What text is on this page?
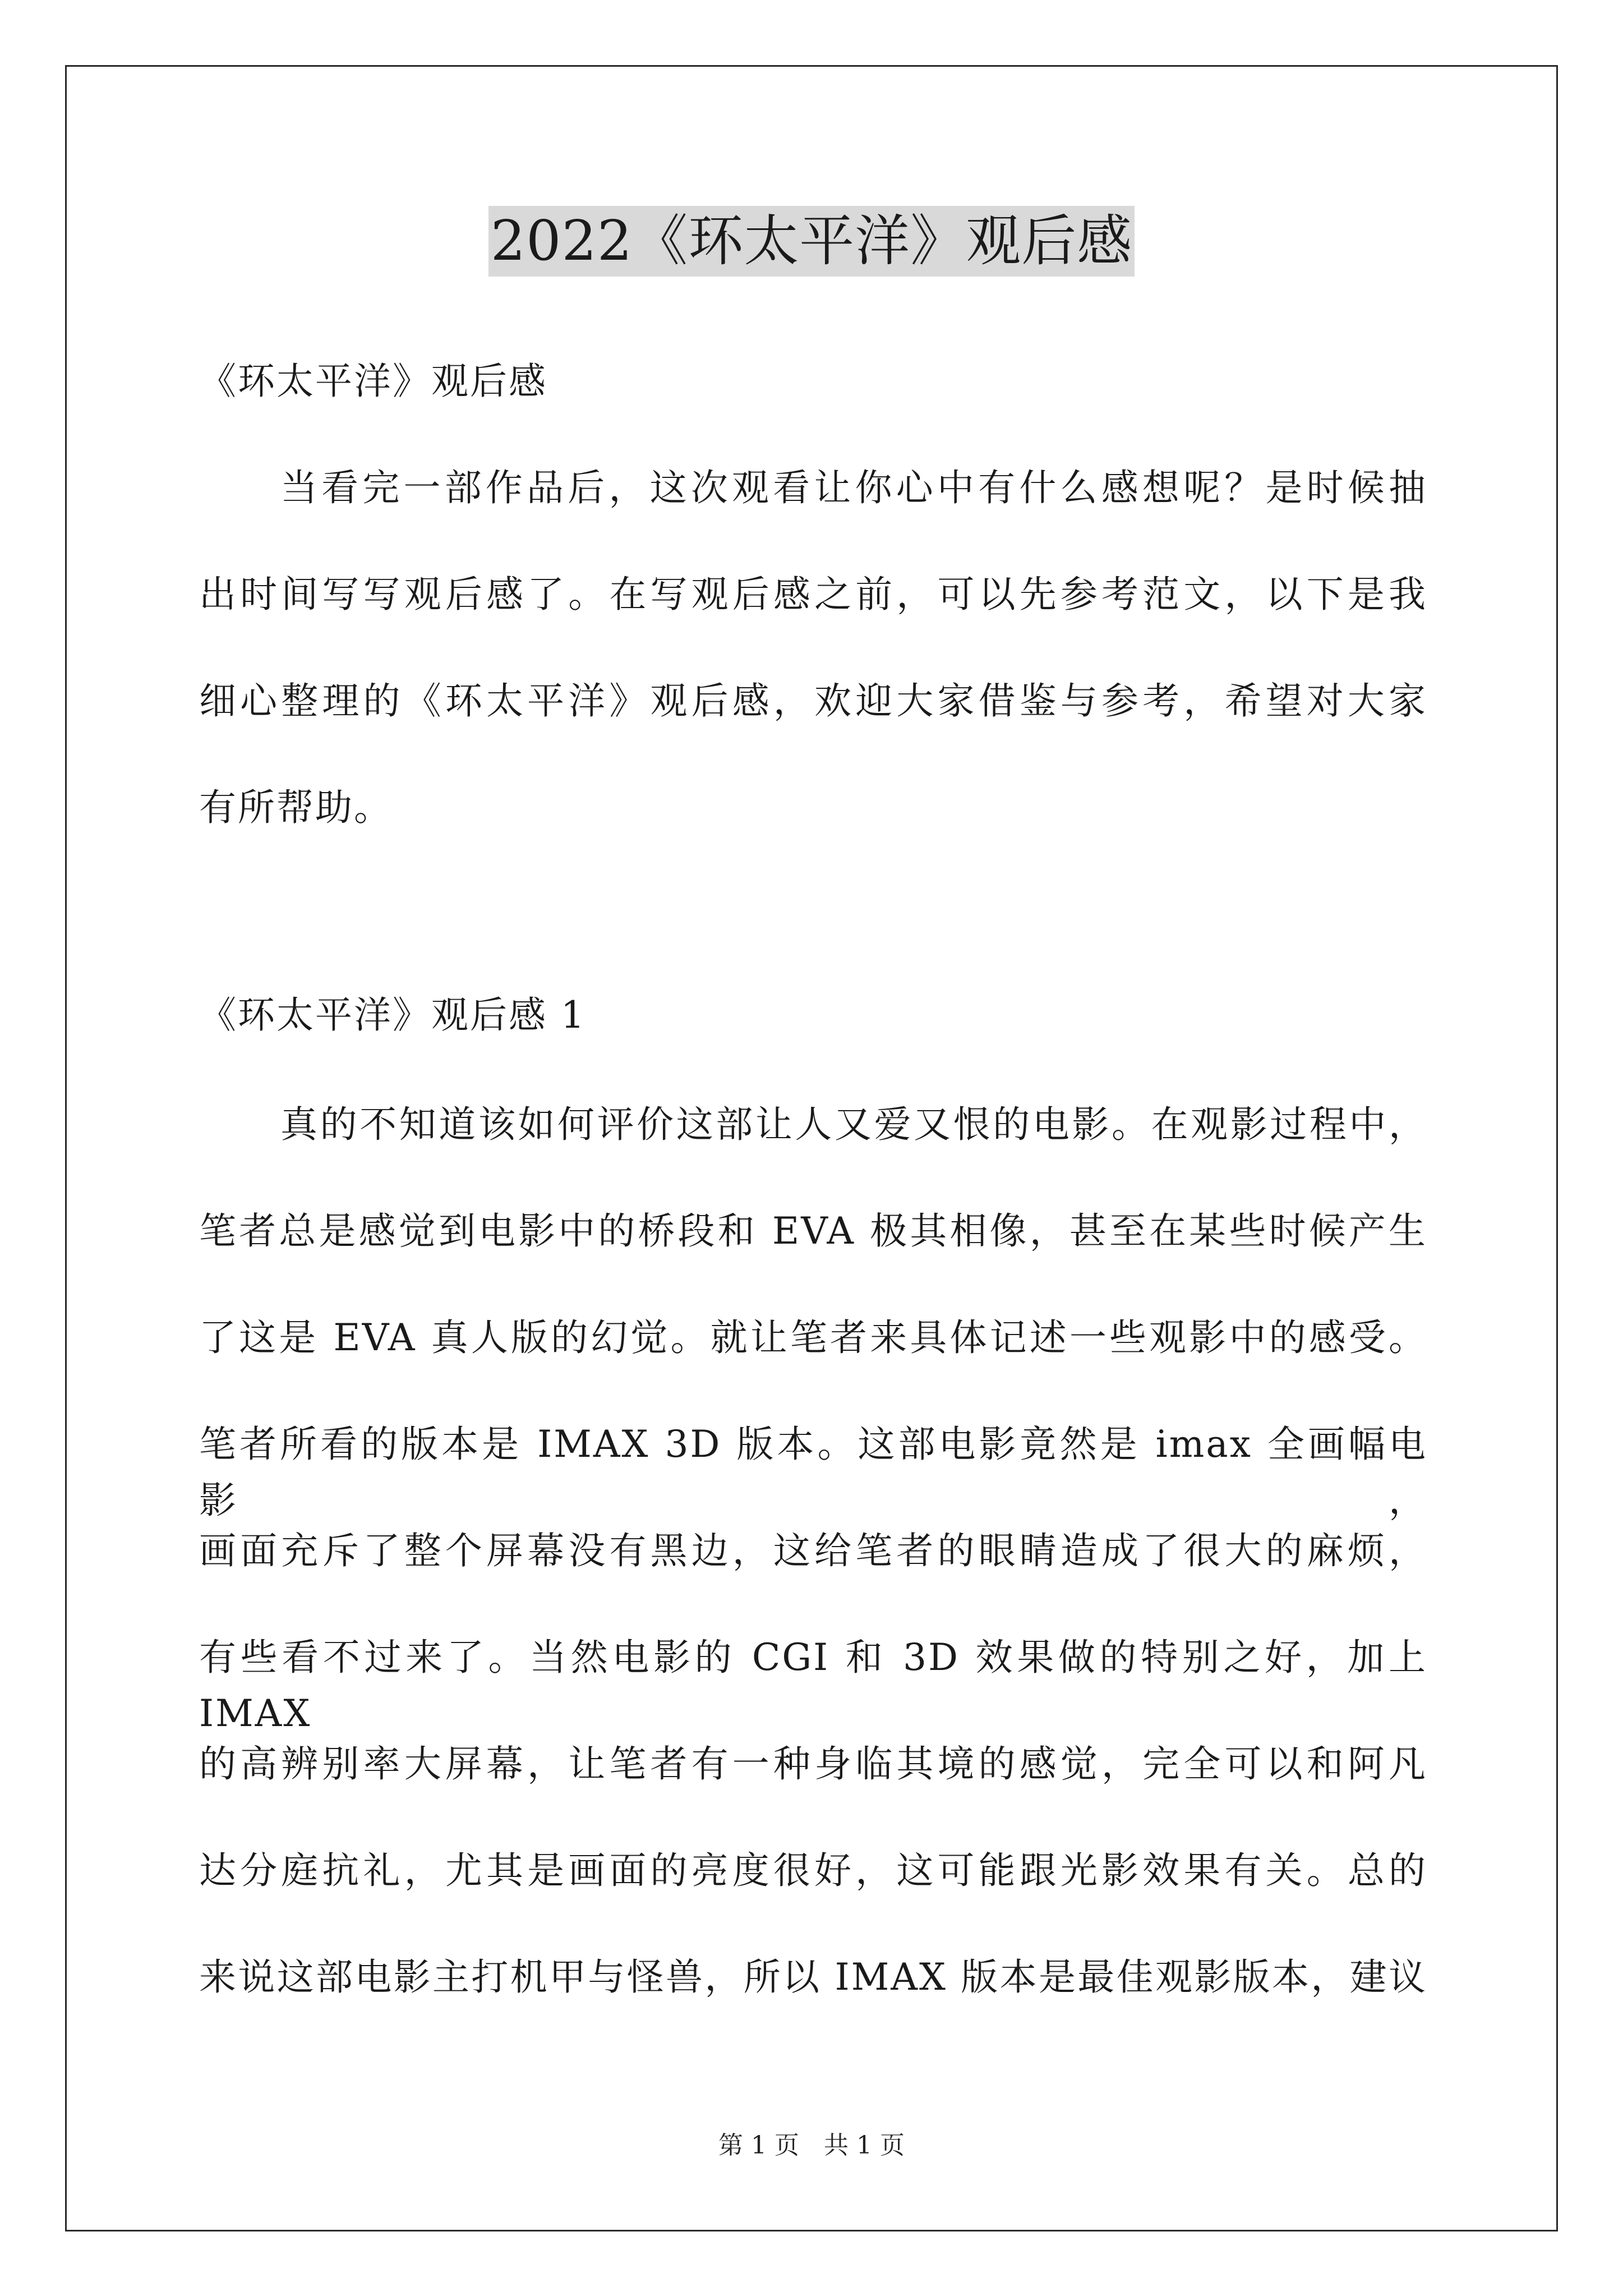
2022《环太平洋》观后感
《环太平洋》观后感
当看完一部作品后，这次观看让你心中有什么感想呢？是时候抽
出时间写写观后感了。在写观后感之前，可以先参考范文，以下是我
细心整理的《环太平洋》观后感，欢迎大家借鉴与参考，希望对大家
有所帮助。
《环太平洋》观后感 1
真的不知道该如何评价这部让人又爱又恨的电影。在观影过程中，
笔者总是感觉到电影中的桥段和 EVA 极其相像，甚至在某些时候产生
了这是 EVA 真人版的幻觉。就让笔者来具体记述一些观影中的感受。
笔者所看的版本是 IMAX 3D 版本。这部电影竟然是 imax 全画幅电影，
画面充斥了整个屏幕没有黑边，这给笔者的眼睛造成了很大的麻烦，
有些看不过来了。当然电影的 CGI 和 3D 效果做的特别之好，加上 IMAX
的高辨别率大屏幕，让笔者有一种身临其境的感觉，完全可以和阿凡
达分庭抗礼，尤其是画面的亮度很好，这可能跟光影效果有关。总的
来说这部电影主打机甲与怪兽，所以 IMAX 版本是最佳观影版本，建议
第 1 页　共 1 页
